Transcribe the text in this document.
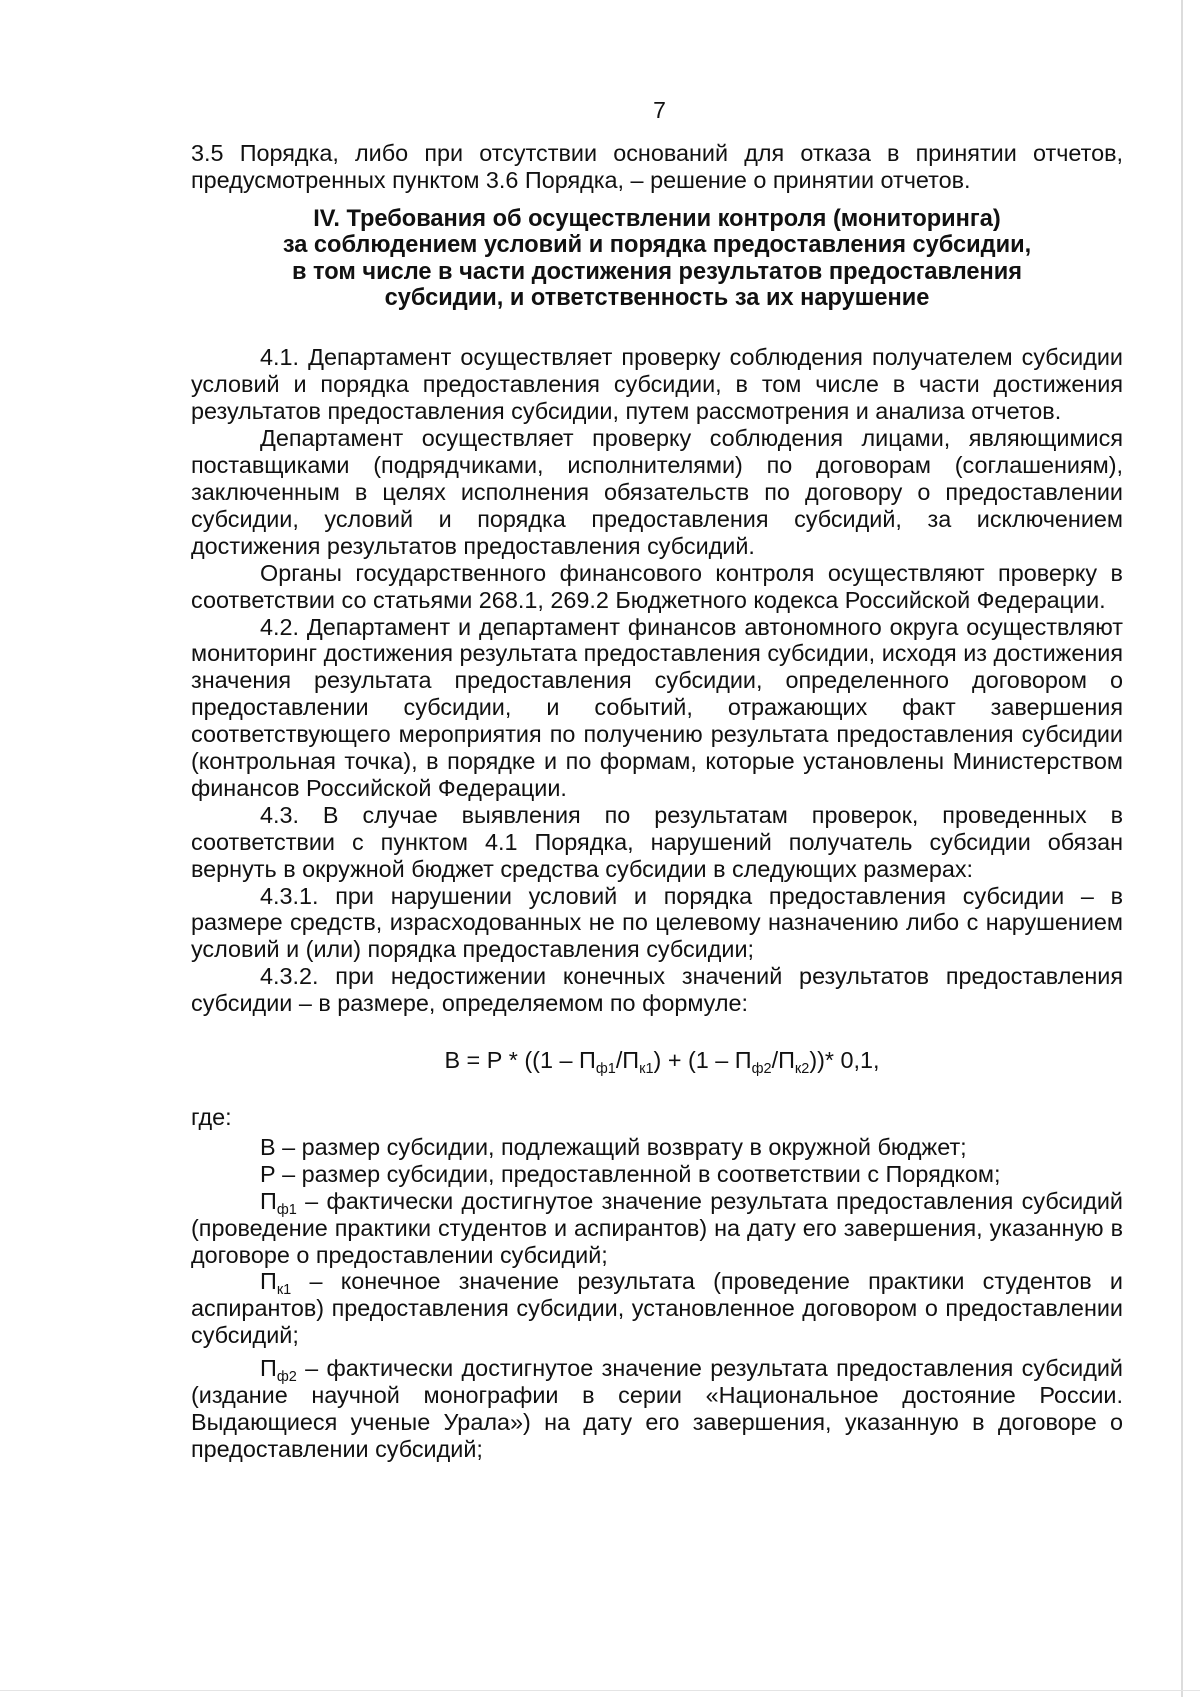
7

3.5 Порядка, либо при отсутствии оснований для отказа в принятии отчетов, предусмотренных пунктом 3.6 Порядка, – решение о принятии отчетов.

IV. Требования об осуществлении контроля (мониторинга)
за соблюдением условий и порядка предоставления субсидии,
в том числе в части достижения результатов предоставления
субсидии, и ответственность за их нарушение

4.1. Департамент осуществляет проверку соблюдения получателем субсидии условий и порядка предоставления субсидии, в том числе в части достижения результатов предоставления субсидии, путем рассмотрения и анализа отчетов.

Департамент осуществляет проверку соблюдения лицами, являющимися поставщиками (подрядчиками, исполнителями) по договорам (соглашениям), заключенным в целях исполнения обязательств по договору о предоставлении субсидии, условий и порядка предоставления субсидий, за исключением достижения результатов предоставления субсидий.

Органы государственного финансового контроля осуществляют проверку в соответствии со статьями 268.1, 269.2 Бюджетного кодекса Российской Федерации.

4.2. Департамент и департамент финансов автономного округа осуществляют мониторинг достижения результата предоставления субсидии, исходя из достижения значения результата предоставления субсидии, определенного договором о предоставлении субсидии, и событий, отражающих факт завершения соответствующего мероприятия по получению результата предоставления субсидии (контрольная точка), в порядке и по формам, которые установлены Министерством финансов Российской Федерации.

4.3. В случае выявления по результатам проверок, проведенных в соответствии с пунктом 4.1 Порядка, нарушений получатель субсидии обязан вернуть в окружной бюджет средства субсидии в следующих размерах:

4.3.1. при нарушении условий и порядка предоставления субсидии – в размере средств, израсходованных не по целевому назначению либо с нарушением условий и (или) порядка предоставления субсидии;

4.3.2. при недостижении конечных значений результатов предоставления субсидии – в размере, определяемом по формуле:

$В = Р * ((1 - П_{ф1}/П_{к1}) + (1 - П_{ф2}/П_{к2}))*$ 0,1,

где:

В – размер субсидии, подлежащий возврату в окружной бюджет;

Р – размер субсидии, предоставленной в соответствии с Порядком;

$П_{ф1}$ – фактически достигнутое значение результата предоставления субсидий (проведение практики студентов и аспирантов) на дату его завершения, указанную в договоре о предоставлении субсидий;

$П_{к1}$ – конечное значение результата (проведение практики студентов и аспирантов) предоставления субсидии, установленное договором о предоставлении субсидий;

$П_{ф2}$ – фактически достигнутое значение результата предоставления субсидий (издание научной монографии в серии «Национальное достояние России. Выдающиеся ученые Урала») на дату его завершения, указанную в договоре о предоставлении субсидий;
